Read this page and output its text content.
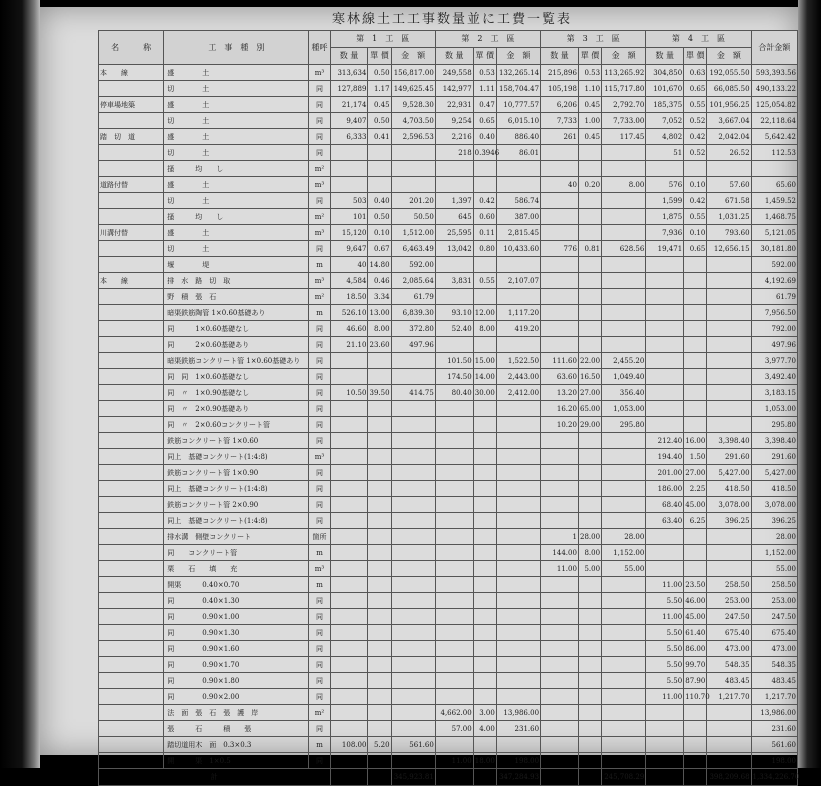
寒林線土工工事数量並に工費一覧表
名　　　称	工　事　種　別	種呼	第　1　工　區			第　2　工　區			第　3　工　區			第　4　工　區			合計金額
			数 量	單 價	金　額	数 量	單 價	金　額	数 量	單 價	金　額	数 量	單 價	金　額	
本　　線	盛　　　　土	m³	313,634	0.50	156,817.00	249,558	0.53	132,265.14	215,896	0.53	113,265.92	304,850	0.63	192,055.50	593,393.56
	切　　　　土	同	127,889	1.17	149,625.45	142,977	1.11	158,704.47	105,198	1.10	115,717.80	101,670	0.65	66,085.50	490,133.22
停車場地築	盛　　　　土	同	21,174	0.45	9,528.30	22,931	0.47	10,777.57	6,206	0.45	2,792.70	185,375	0.55	101,956.25	125,054.82
	切　　　　土	同	9,407	0.50	4,703.50	9,254	0.65	6,015.10	7,733	1.00	7,733.00	7,052	0.52	3,667.04	22,118.64
踏　切　道	盛　　　　土	同	6,333	0.41	2,596.53	2,216	0.40	886.40	261	0.45	117.45	4,802	0.42	2,042.04	5,642.42
	切　　　　土	同				218	0.3946	86.01				51	0.52	26.52	112.53
	搔　　　均　　し	m²													
道路付替	盛　　　　土	m³							40	0.20	8.00	576	0.10	57.60	65.60
	切　　　　土	同	503	0.40	201.20	1,397	0.42	586.74				1,599	0.42	671.58	1,459.52
	搔　　　均　　し	m²	101	0.50	50.50	645	0.60	387.00				1,875	0.55	1,031.25	1,468.75
川溝付替	盛　　　　土	m³	15,120	0.10	1,512.00	25,595	0.11	2,815.45				7,936	0.10	793.60	5,121.05
	切　　　　土	同	9,647	0.67	6,463.49	13,042	0.80	10,433.60	776	0.81	628.56	19,471	0.65	12,656.15	30,181.80
	堰　　　　堤	m	40	14.80	592.00										592.00
本　　線	排　水　路　切　取	m³	4,584	0.46	2,085.64	3,831	0.55	2,107.07							4,192.69
	野　積　張　石	m²	18.50	3.34	61.79										61.79
	暗渠鉄筋陶管 1×0.60基礎あり	m	526.10	13.00	6,839.30	93.10	12.00	1,117.20							7,956.50
	同　　　1×0.60基礎なし	同	46.60	8.00	372.80	52.40	8.00	419.20							792.00
	同　　　2×0.60基礎あり	同	21.10	23.60	497.96										497.96
	暗渠鉄筋コンクリート管 1×0.60基礎あり	同				101.50	15.00	1,522.50	111.60	22.00	2,455.20				3,977.70
	同　同　1×0.60基礎なし	同				174.50	14.00	2,443.00	63.60	16.50	1,049.40				3,492.40
	同　〃　1×0.90基礎なし	同	10.50	39.50	414.75	80.40	30.00	2,412.00	13.20	27.00	356.40				3,183.15
	同　〃　2×0.90基礎あり	同							16.20	65.00	1,053.00				1,053.00
	同　〃　2×0.60コンクリート管	同							10.20	29.00	295.80				295.80
	鉄筋コンクリート管 1×0.60	同										212.40	16.00	3,398.40	3,398.40
	同上　基礎コンクリート(1:4:8)	m³										194.40	1.50	291.60	291.60
	鉄筋コンクリート管 1×0.90	同										201.00	27.00	5,427.00	5,427.00
	同上　基礎コンクリート(1:4:8)	同										186.00	2.25	418.50	418.50
	鉄筋コンクリート管 2×0.90	同										68.40	45.00	3,078.00	3,078.00
	同上　基礎コンクリート(1:4:8)	同										63.40	6.25	396.25	396.25
	排水溝　側壁コンクリート	箇所							1	28.00	28.00				28.00
	同　　コンクリート管	m							144.00	8.00	1,152.00				1,152.00
	栗　　石　　填　　充	m³							11.00	5.00	55.00				55.00
	開渠　　　0.40×0.70	m										11.00	23.50	258.50	258.50
	同　　　　0.40×1.30	同										5.50	46.00	253.00	253.00
	同　　　　0.90×1.00	同										11.00	45.00	247.50	247.50
	同　　　　0.90×1.30	同										5.50	61.40	675.40	675.40
	同　　　　0.90×1.60	同										5.50	86.00	473.00	473.00
	同　　　　0.90×1.70	同										5.50	99.70	548.35	548.35
	同　　　　0.90×1.80	同										5.50	87.90	483.45	483.45
	同　　　　0.90×2.00	同										11.00	110.70	1,217.70	1,217.70
	法　面　張　石　張　護　岸	m²				4,662.00	3.00	13,986.00							13,986.00
	張　　　石　　　積　　張	同				57.00	4.00	231.60							231.60
	踏切道用木　面　0.3×0.3	m	108.00	5.20	561.60										561.60
	開　　　渠　1×0.5	同				11.00	18.00	198.00							198.00
計					345,923.81			347,284.93			245,708.29			398,209.68	1,334,226.70
